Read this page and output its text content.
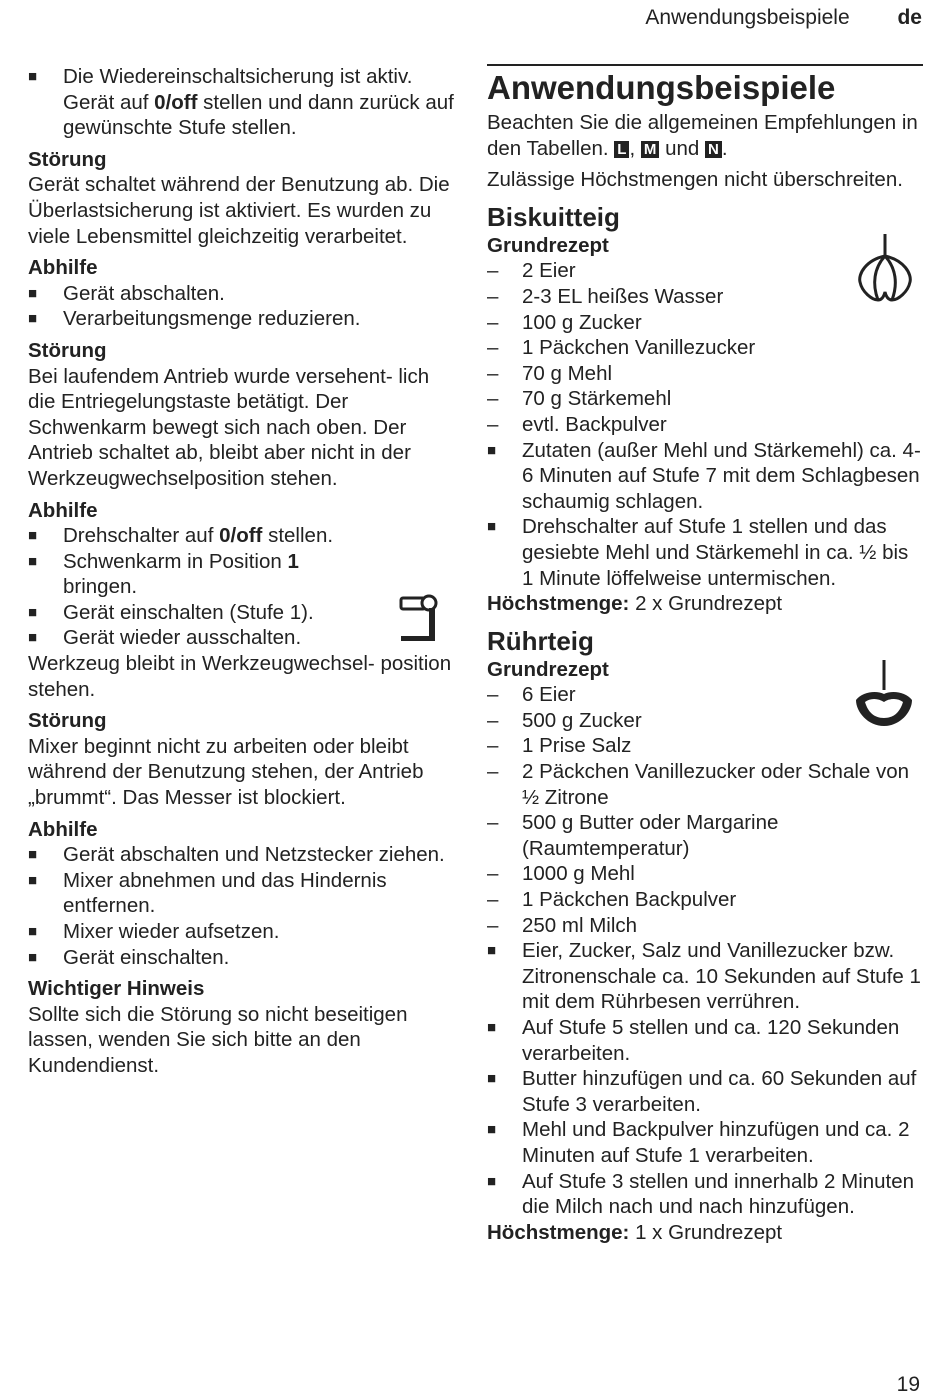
Anwendungsbeispiele de
■ Die Wiedereinschaltsicherung ist aktiv. Gerät auf 0/off stellen und dann zurück auf gewünschte Stufe stellen.
Störung

Gerät schaltet während der Benutzung ab. Die Überlastsicherung ist aktiviert. Es wurden zu viele Lebensmittel gleichzeitig verarbeitet.

Abhilfe
■ Gerät abschalten.
■ Verarbeitungsmenge reduzieren.
Störung

Bei laufendem Antrieb wurde versehent- lich die Entriegelungstaste betätigt. Der Schwenkarm bewegt sich nach oben. Der Antrieb schaltet ab, bleibt aber nicht in der Werkzeugwechselposition stehen.

Abhilfe
■ Drehschalter auf 0/off stellen.
■ Schwenkarm in Position 1 bringen.
■ Gerät einschalten (Stufe 1).
■ Gerät wieder ausschalten.

Werkzeug bleibt in Werkzeugwechsel- position stehen.

Störung

Mixer beginnt nicht zu arbeiten oder bleibt während der Benutzung stehen, der Antrieb „brummt“. Das Messer ist blockiert.

Abhilfe
■ Gerät abschalten und Netzstecker ziehen.
■ Mixer abnehmen und das Hindernis entfernen.
■ Mixer wieder aufsetzen.
■ Gerät einschalten.
Wichtiger Hinweis

Sollte sich die Störung so nicht beseitigen lassen, wenden Sie sich bitte an den Kundendienst.

Anwendungsbeispiele

Beachten Sie die allgemeinen Empfehlungen in den Tabellen. L , M und N .

Zulässige Höchstmengen nicht überschreiten.

Biskuitteig
Grundrezept
– 2 Eier
– 2-3 EL heißes Wasser
– 100 g Zucker
– 1 Päckchen Vanillezucker
– 70 g Mehl
– 70 g Stärkemehl
– evtl. Backpulver
■ Zutaten (außer Mehl und Stärkemehl) ca. 4-6 Minuten auf Stufe 7 mit dem Schlagbesen schaumig schlagen.
■ Drehschalter auf Stufe 1 stellen und das gesiebte Mehl und Stärkemehl in ca. ½ bis 1 Minute löffelweise untermischen.
Höchstmenge: 2 x Grundrezept
Rührteig
Grundrezept
– 6 Eier
– 500 g Zucker
– 1 Prise Salz
– 2 Päckchen Vanillezucker oder Schale von ½ Zitrone
– 500 g Butter oder Margarine (Raumtemperatur)
– 1000 g Mehl
– 1 Päckchen Backpulver
– 250 ml Milch
■ Eier, Zucker, Salz und Vanillezucker bzw. Zitronenschale ca. 10 Sekunden auf Stufe 1 mit dem Rührbesen verrühren.
■ Auf Stufe 5 stellen und ca. 120 Sekunden verarbeiten.
■ Butter hinzufügen und ca. 60 Sekunden auf Stufe 3 verarbeiten.
■ Mehl und Backpulver hinzufügen und ca. 2 Minuten auf Stufe 1 verarbeiten.
■ Auf Stufe 3 stellen und innerhalb 2 Minuten die Milch nach und nach hinzufügen.
Höchstmenge: 1 x Grundrezept
19
